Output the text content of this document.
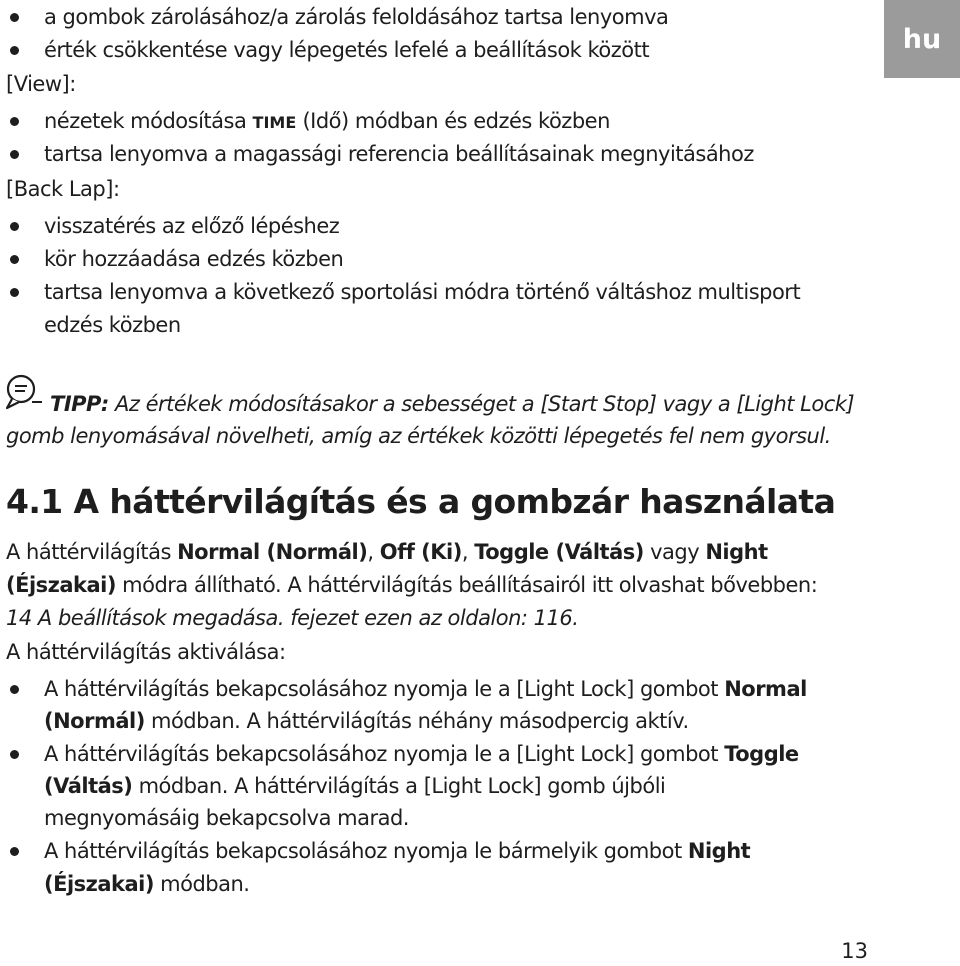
hu
a gombok zárolásához/a zárolás feloldásához tartsa lenyomva
érték csökkentése vagy lépegetés lefelé a beállítások között
[View]:
nézetek módosítása TIME (Idő) módban és edzés közben
tartsa lenyomva a magassági referencia beállításainak megnyitásához
[Back Lap]:
visszatérés az előző lépéshez
kör hozzáadása edzés közben
tartsa lenyomva a következő sportolási módra történő váltáshoz multisport
edzés közben
TIPP: Az értékek módosításakor a sebességet a [Start Stop] vagy a [Light Lock]
gomb lenyomásával növelheti, amíg az értékek közötti lépegetés fel nem gyorsul.
4.1 A háttérvilágítás és a gombzár használata
A háttérvilágítás Normal (Normál), Off (Ki), Toggle (Váltás) vagy Night
(Éjszakai) módra állítható. A háttérvilágítás beállításairól itt olvashat bővebben:
14 A beállítások megadása. fejezet ezen az oldalon: 116.
A háttérvilágítás aktiválása:
A háttérvilágítás bekapcsolásához nyomja le a [Light Lock] gombot Normal
(Normál) módban. A háttérvilágítás néhány másodpercig aktív.
A háttérvilágítás bekapcsolásához nyomja le a [Light Lock] gombot Toggle
(Váltás) módban. A háttérvilágítás a [Light Lock] gomb újbóli
megnyomásáig bekapcsolva marad.
A háttérvilágítás bekapcsolásához nyomja le bármelyik gombot Night
(Éjszakai) módban.
13
